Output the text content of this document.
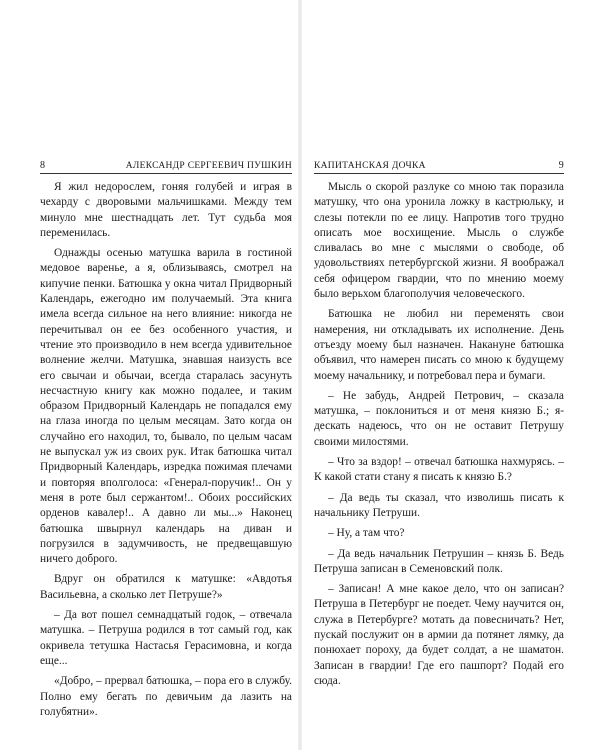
8	АЛЕКСАНДР СЕРГЕЕВИЧ ПУШКИН

Я жил недорослем, гоняя голубей и играя в чехарду с дворовыми мальчишками. Между тем минуло мне шестнадцать лет. Тут судьба моя переменилась.

Однажды осенью матушка варила в гостиной медовое варенье, а я, облизываясь, смотрел на кипучие пенки. Батюшка у окна читал Придворный Календарь, ежегодно им получаемый. Эта книга имела всегда сильное на него влияние: никогда не перечитывал он ее без особенного участия, и чтение это производило в нем всегда удивительное волнение желчи. Матушка, знавшая наизусть все его свычаи и обычаи, всегда старалась засунуть несчастную книгу как можно подалее, и таким образом Придворный Календарь не попадался ему на глаза иногда по целым месяцам. Зато когда он случайно его находил, то, бывало, по целым часам не выпускал уж из своих рук. Итак батюшка читал Придворный Календарь, изредка пожимая плечами и повторяя вполголоса: «Генерал-поручик!.. Он у меня в роте был сержантом!.. Обоих российских орденов кавалер!.. А давно ли мы...» Наконец батюшка швырнул календарь на диван и погрузился в задумчивость, не предвещавшую ничего доброго.

Вдруг он обратился к матушке: «Авдотья Васильевна, а сколько лет Петруше?»

– Да вот пошел семнадцатый годок, – отвечала матушка. – Петруша родился в тот самый год, как окривела тетушка Настасья Герасимовна, и когда еще...

«Добро, – прервал батюшка, – пора его в службу. Полно ему бегать по девичьим да лазить на голубятни».

КАПИТАНСКАЯ ДОЧКА	9

Мысль о скорой разлуке со мною так поразила матушку, что она уронила ложку в кастрюльку, и слезы потекли по ее лицу. Напротив того трудно описать мое восхищение. Мысль о службе сливалась во мне с мыслями о свободе, об удовольствиях петербургской жизни. Я воображал себя офицером гвардии, что по мнению моему было верьхом благополучия человеческого.

Батюшка не любил ни переменять свои намерения, ни откладывать их исполнение. День отъезду моему был назначен. Накануне батюшка объявил, что намерен писать со мною к будущему моему начальнику, и потребовал пера и бумаги.

– Не забудь, Андрей Петрович, – сказала матушка, – поклониться и от меня князю Б.; я-дескать надеюсь, что он не оставит Петрушу своими милостями.

– Что за вздор! – отвечал батюшка нахмурясь. – К какой стати стану я писать к князю Б.?

– Да ведь ты сказал, что изволишь писать к начальнику Петруши.

– Ну, а там что?

– Да ведь начальник Петрушин – князь Б. Ведь Петруша записан в Семеновский полк.

– Записан! А мне какое дело, что он записан? Петруша в Петербург не поедет. Чему научится он, служа в Петербурге? мотать да повесничать? Нет, пускай послужит он в армии да потянет лямку, да понюхает пороху, да будет солдат, а не шаматон. Записан в гвардии! Где его пашпорт? Подай его сюда.
